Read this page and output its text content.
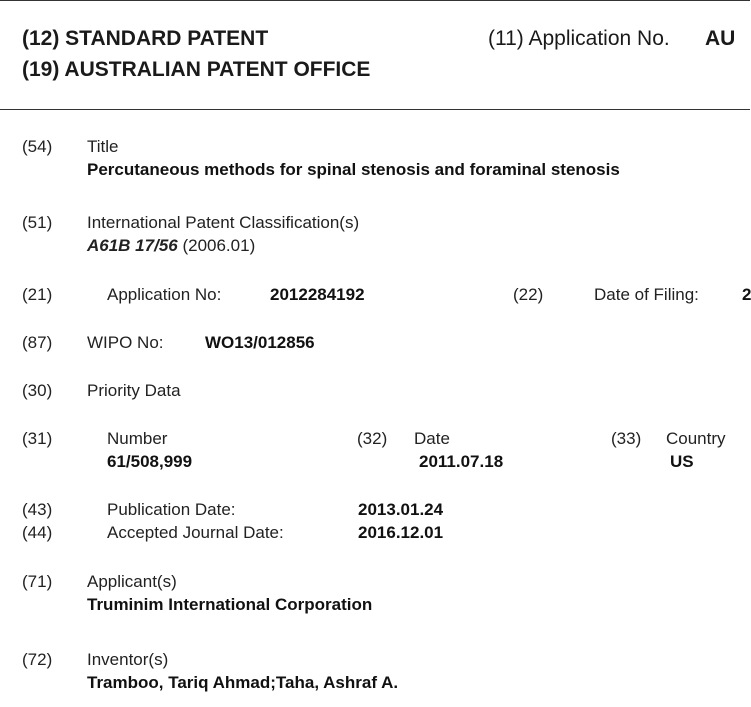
(12) STANDARD PATENT
(19) AUSTRALIAN PATENT OFFICE
(11) Application No. AU
(54) Title
Percutaneous methods for spinal stenosis and foraminal stenosis
(51) International Patent Classification(s)
A61B 17/56 (2006.01)
(21)	Application No:	2012284192	(22)	Date of Filing:	2
(87) WIPO No: WO13/012856
(30) Priority Data
(31)	Number
61/508,999
(32) Date
2011.07.18
(33) Country
US
(43)	Publication Date:	2013.01.24
(44)	Accepted Journal Date:	2016.12.01
(71) Applicant(s)
Truminim International Corporation
(72) Inventor(s)
Tramboo, Tariq Ahmad;Taha, Ashraf A.
